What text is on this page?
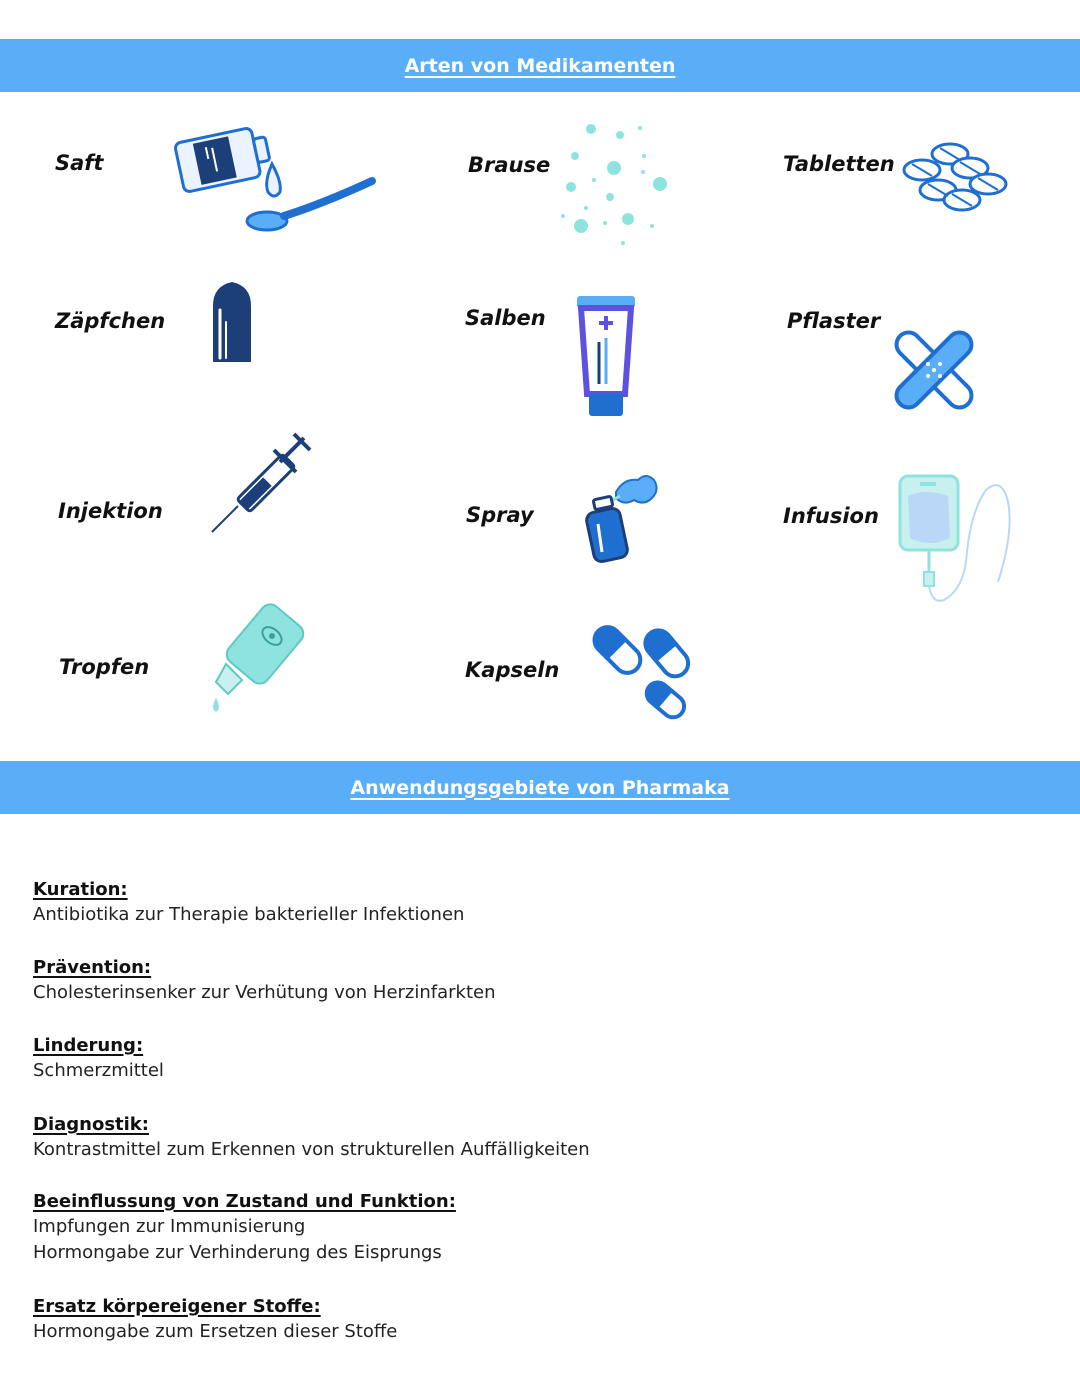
Arten von Medikamenten
Saft	Brause	Tabletten
Zäpfchen	Salben	Pflaster
Injektion	Spray	Infusion
Tropfen	Kapseln
Anwendungsgebiete von Pharmaka
Kuration:
Antibiotika zur Therapie bakterieller Infektionen
Prävention:
Cholesterinsenker zur Verhütung von Herzinfarkten
Linderung:
Schmerzmittel
Diagnostik:
Kontrastmittel zum Erkennen von strukturellen Auffälligkeiten
Beeinflussung von Zustand und Funktion:
Impfungen zur Immunisierung
Hormongabe zur Verhinderung des Eisprungs
Ersatz körpereigener Stoffe:
Hormongabe zum Ersetzen dieser Stoffe
